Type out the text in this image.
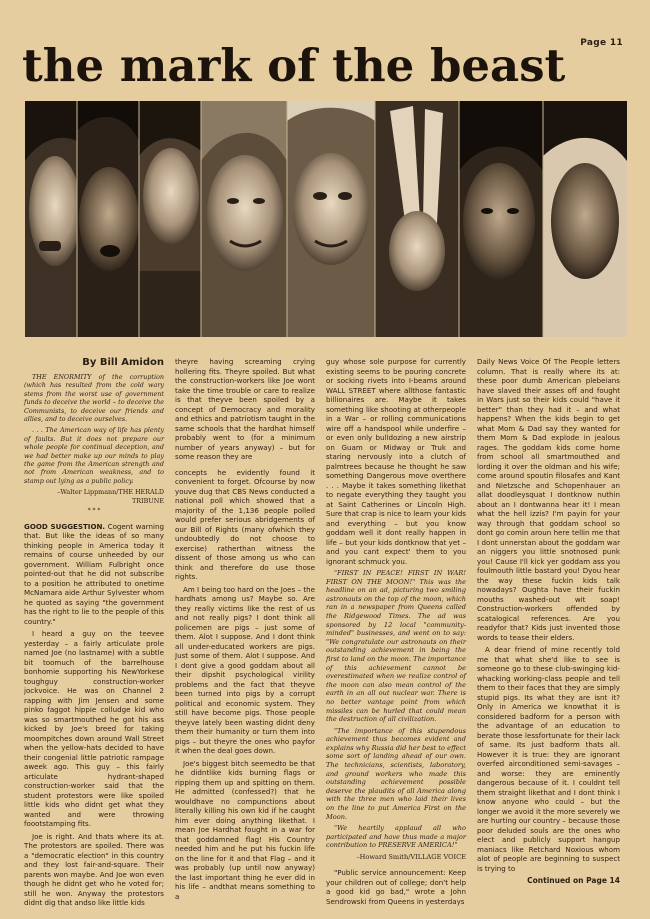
Page 11
the mark of the beast
By Bill Amidon

THE ENORMITY of the corruption (which has resulted from the cold wary stems from the worst use of government funds to deceive the world – to deceive the Communists, to deceive our friends and allies, and to deceive ourselves.

. . . The American way of life has plenty of faults. But it does not prepare our whole people for continual deception, and we had better make up our minds to play the game from the American strength and not from American weakness, and to stamp out lying as a public policy.

–Walter Lippmann/THE HERALD TRIBUNE
* * *

GOOD SUGGESTION. Cogent warning that. But like the ideas of so many thinking people in America today it remains of course unheeded by our government. William Fulbright once pointed-out that he did not subscribe to a position he attributed to onetime McNamara aide Arthur Sylvester whom he quoted as saying "the government has the right to lie to the people of this country."

I heard a guy on the teevee yesterday – a fairly articulate prole named Joe (no lastname) with a subtle bit toomuch of the barrelhouse bonhomie supporting his NewYorkese toughguy construction-worker jockvoice. He was on Channel 2 rapping with Jim Jensen and some pinko faggot hippie colludge kid who was so smartmouthed he got his ass kicked by Joe's breed for taking moompitches down around Wall Street when the yellow-hats decided to have their congenial little patriotic rampage aweek ago. This guy – this fairly articulate hydrant-shaped construction-worker said that the student protestors were like spoiled little kids who didnt get what they wanted and were throwing foootstamping fits.

Joe is right. And thats where its at. The protestors are spoiled. There was a "democratic election" in this country and they lost fair-and-square. Their parents won maybe. And Joe won even though he didnt get who he voted for; still he won. Anyway the protestors didnt dig that andso like little kids

theyre having screaming crying hollering fits. Theyre spoiled. But what the construction-workers like Joe wont take the time trouble or care to realize is that theyve been spoiled by a concept of Democracy and morality and ethics and patriotism taught in the same schools that the hardhat himself probably went to (for a minimum number of years anyway) – but for some reason they are

concepts he evidently found it convenient to forget. Ofcourse by now youve dug that CBS News conducted a national poll which showed that a majority of the 1,136 people polled would prefer serious abridgements of our Bill of Rights (many ofwhich they undoubtedly do not choose to exercise) ratherthan witness the dissent of those among us who can think and therefore do use those rights.

Am I being too hard on the Joes – the hardhats among us? Maybe so. Are they really victims like the rest of us and not really pigs? I dont think all policemen are pigs – just some of them. Alot I suppose. And I dont think all under-educated workers are pigs. Just some of them. Alot I suppose. And I dont give a good goddam about all their dipshit psychological virility problems and the fact that theyve been turned into pigs by a corrupt political and economic system. They still have become pigs. Those people theyve lately been wasting didnt deny them their humanity or turn them into pigs – but theyre the ones who payfor it when the deal goes down.

Joe's biggest bitch seemedto be that he didntlike kids burning flags or ripping them up and spitting on them. He admitted (confessed?) that he wouldhave no compunctions about literally killing his own kid if he caught him ever doing anything likethat. I mean Joe Hardhat fought in a war for that goddamned flag! His Country needed him and he put his fuckin life on the line for it and that Flag – and it was probably (up until now anyway) the last important thing he ever did in his life – andthat means something to a

guy whose sole purpose for currently existing seems to be pouring concrete or socking rivets into I-beams around WALL STREET where allthose fantastic billionaires are. Maybe it takes something like shooting at otherpeople in a War – or rolling communications wire off a handspool while underfire – or even only bulldozing a new airstrip on Guam or Midway or Truk and staring nervously into a clutch of palmtrees because he thought he saw something Dangerous move overthere . . . Maybe it takes something likethat to negate everything they taught you at Saint Catherines or Lincoln High. Sure that crap is nice to learn your kids and everything – but you know goddam well it dont really happen in life – but your kids dontknow that yet – and you cant expect' them to you ignorant schmuck you.

"FIRST IN PEACE! FIRST IN WAR! FIRST ON THE MOON!" This was the headline on an ad, picturing two smiling astronauts on the top of the moon, which ran in a newspaper from Queens called the Ridgewood Times. The ad was sponsored by 12 local "community-minded" businesses, and went on to say: "We congratulate our astronauts on their outstanding achievement in being the first to land on the moon. The importance of this achievement cannot be overestimated when we realize control of the moon can also mean control of the earth in an all out nuclear war. There is no better vantage point from which missiles can be hurled that could mean the destruction of all civilization.

"The importance of this stupendous achievement thus becomes evident and explains why Russia did her best to effect some sort of landing ahead of our own. The technicians, scientists, laboratory, and ground workers who made this outstanding achievement possible deserve the plaudits of all America along with the three men who laid their lives on the line to put America First on the Moon.

"We heartily applaud all who participated and have thus made a major contribution to PRESERVE AMERICA!"

–Howard Smith/VILLAGE VOICE

"Public service announcement: Keep your children out of college; don't help a good kid go bad," wrote a John Sendrowski from Queens in yesterdays

Daily News Voice Of The People letters column. That is really where its at: these poor dumb American plebeians have slaved their asses off and fought in Wars just so their kids could "have it better" than they had it – and what happens? When the kids begin to get what Mom & Dad say they wanted for them Mom & Dad explode in jealous rages. The goddam kids come home from school all smartmouthed and lording it over the oldman and his wife; come around spoutin filosafes and Kant and Nietzsche and Schopenhauer an allat doodleysquat I dontknow nuthin about an I dontwanna hear it! I mean what the hell izzis? I'm payin for your way through that goddam school so dont go comin aroun here tellin me that I dont unnerstan about the goddam war an niggers you little snotnosed punk you! Cause I'll kick yer goddam ass you foulmouth little bastard you! Dyou hear the way these fuckin kids talk nowadays? Oughta have their fuckin mouths washed-out wit soap! Construction-workers offended by scatalogical references. Are you readyfor that? Kids just invented those words to tease their elders.

A dear friend of mine recently told me that what she'd like to see is someone go to these club-swinging kid-whacking working-class people and tell them to their faces that they are simply stupid pigs. Its what they are isnt it? Only in America we knowthat it is considered badform for a person with the advantage of an education to berate those lessfortunate for their lack of same. Its just badform thats all. However it is true: they are ignorant overfed airconditioned semi-savages – and worse: they are eminently dangerous because of it. I couldnt tell them straight likethat and I dont think I know anyone who could – but the longer we avoid it the more severely we are hurting our country – because those poor deluded souls are the ones who elect and publicly support hangup maniacs like Retchard Noxious whom alot of people are beginning to suspect is trying to

Continued on Page 14
